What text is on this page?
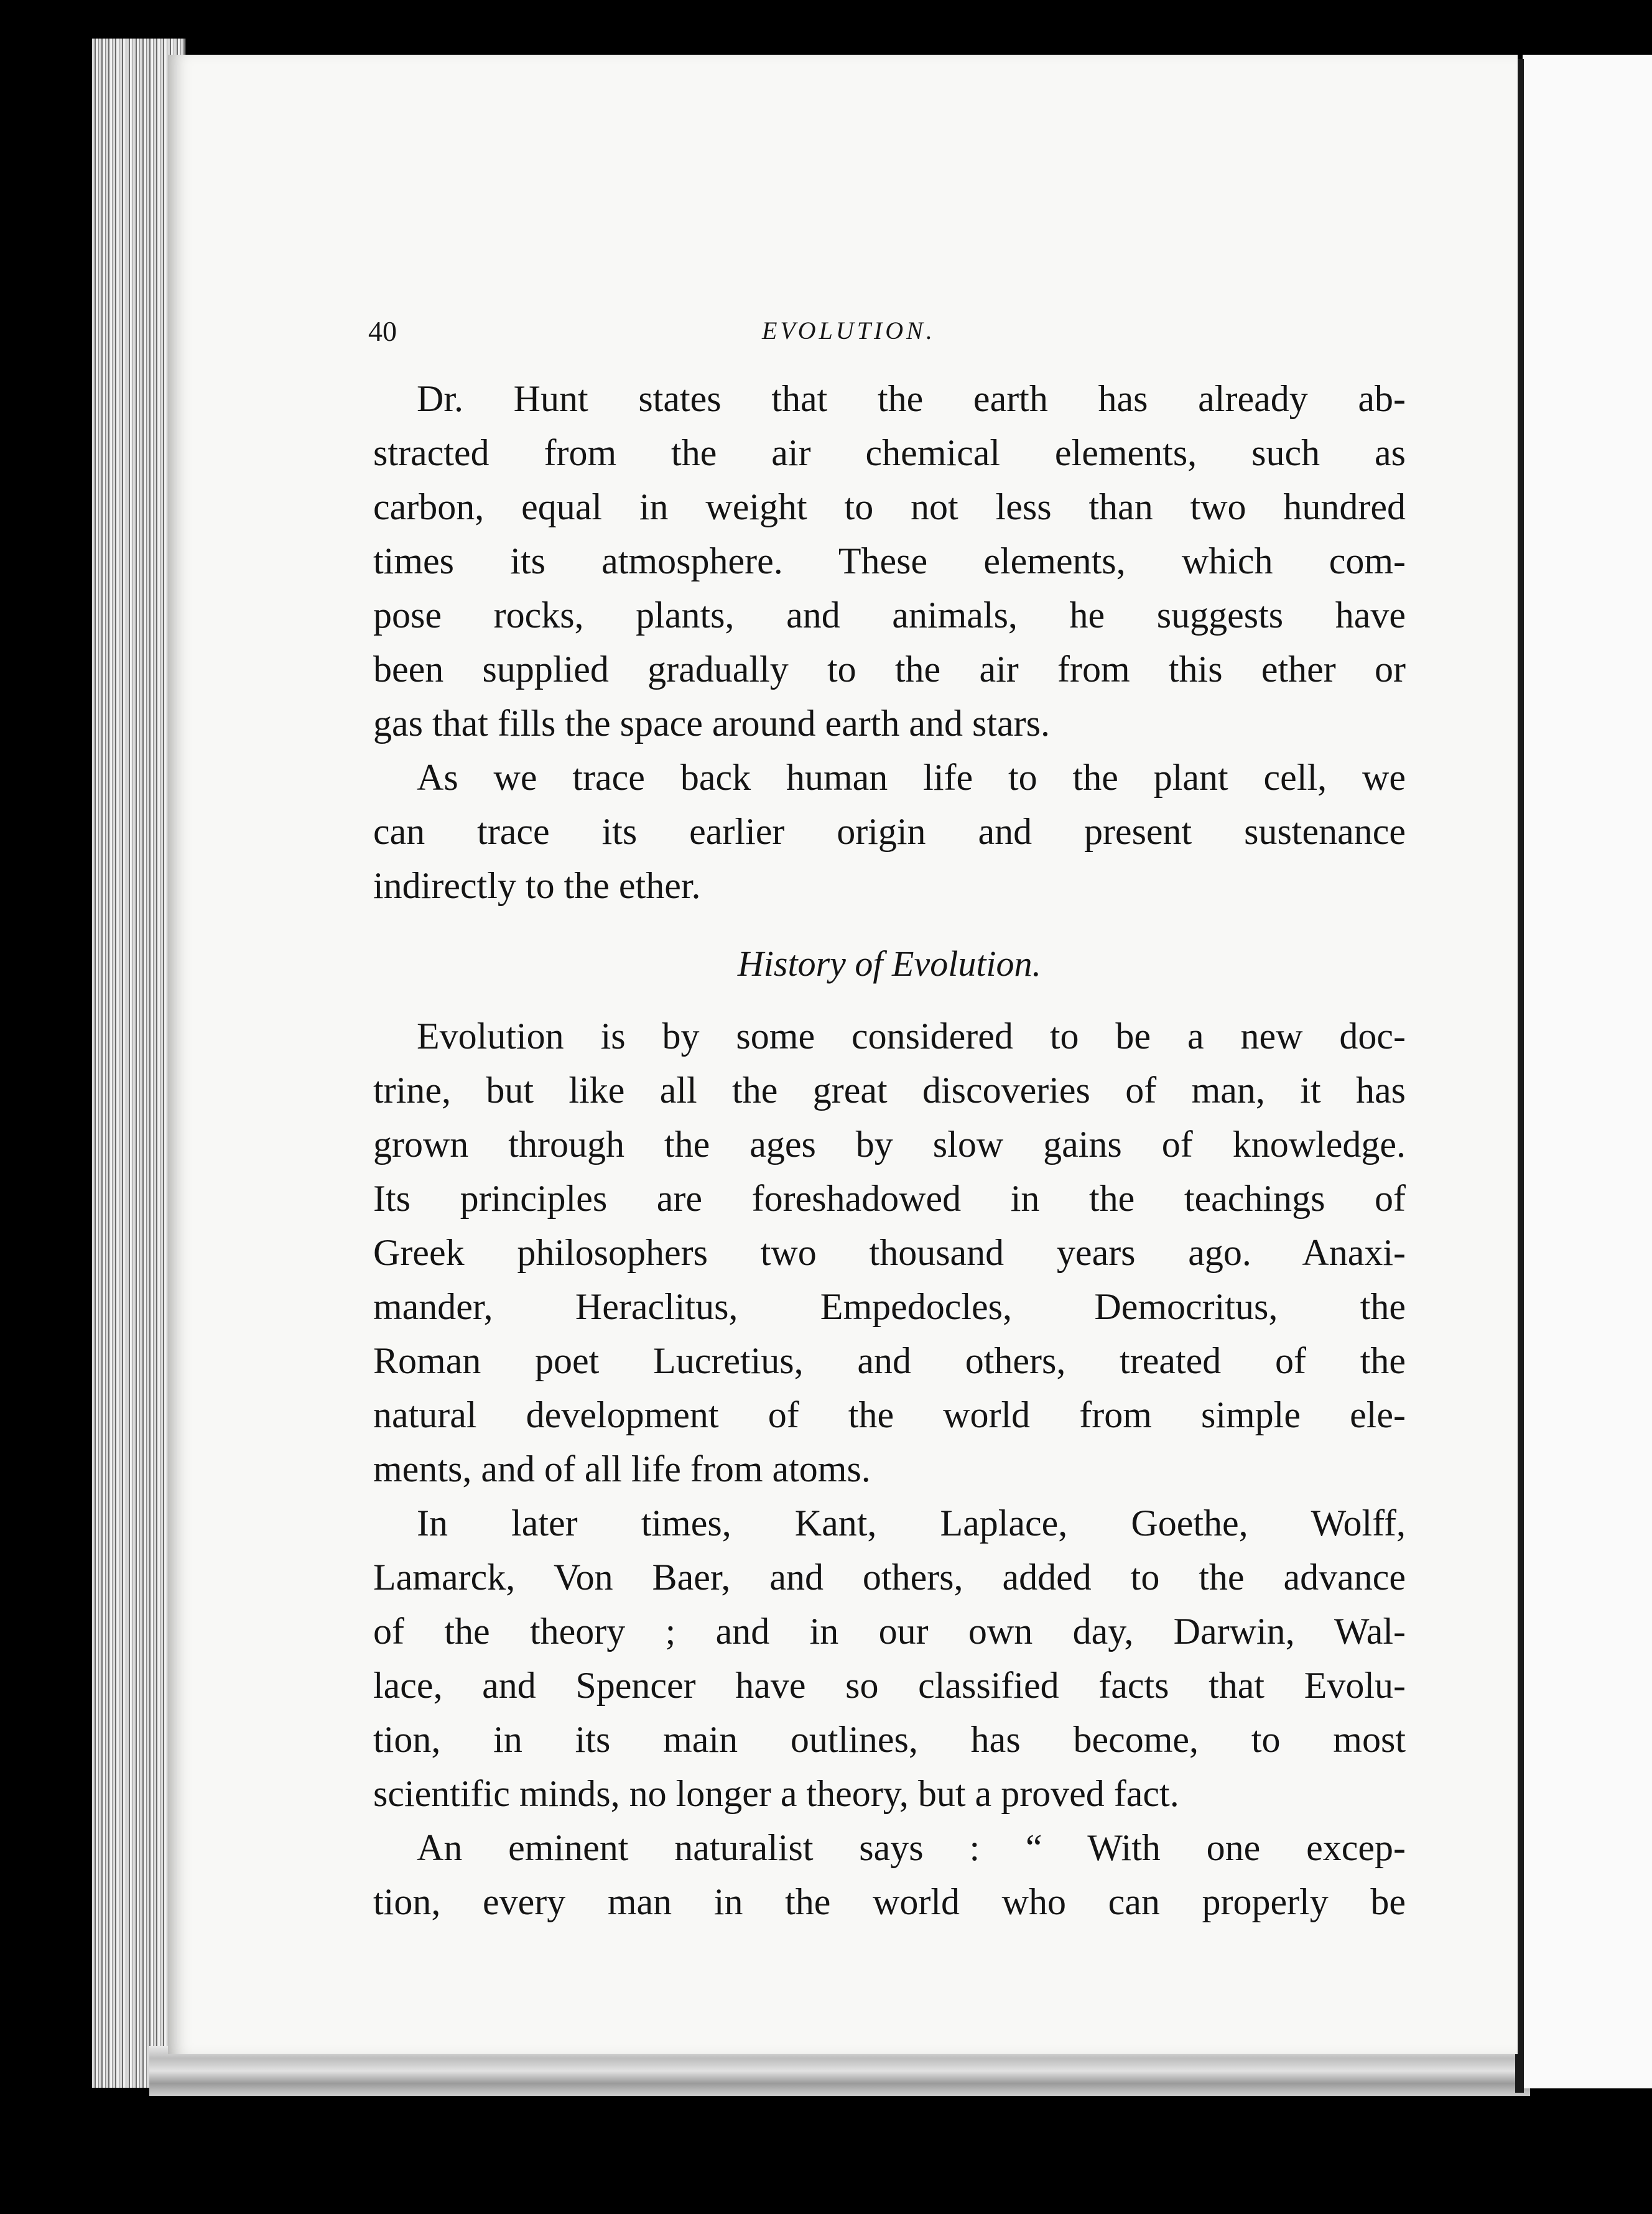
40	EVOLUTION.

Dr. Hunt states that the earth has already ab-
stracted from the air chemical elements, such as
carbon, equal in weight to not less than two hundred
times its atmosphere. These elements, which com-
pose rocks, plants, and animals, he suggests have
been supplied gradually to the air from this ether or
gas that fills the space around earth and stars.

As we trace back human life to the plant cell, we
can trace its earlier origin and present sustenance
indirectly to the ether.

History of Evolution.

Evolution is by some considered to be a new doc-
trine, but like all the great discoveries of man, it has
grown through the ages by slow gains of knowledge.
Its principles are foreshadowed in the teachings of
Greek philosophers two thousand years ago. Anaxi-
mander, Heraclitus, Empedocles, Democritus, the
Roman poet Lucretius, and others, treated of the
natural development of the world from simple ele-
ments, and of all life from atoms.

In later times, Kant, Laplace, Goethe, Wolff,
Lamarck, Von Baer, and others, added to the advance
of the theory ; and in our own day, Darwin, Wal-
lace, and Spencer have so classified facts that Evolu-
tion, in its main outlines, has become, to most
scientific minds, no longer a theory, but a proved fact.

An eminent naturalist says : “ With one excep-
tion, every man in the world who can properly be
